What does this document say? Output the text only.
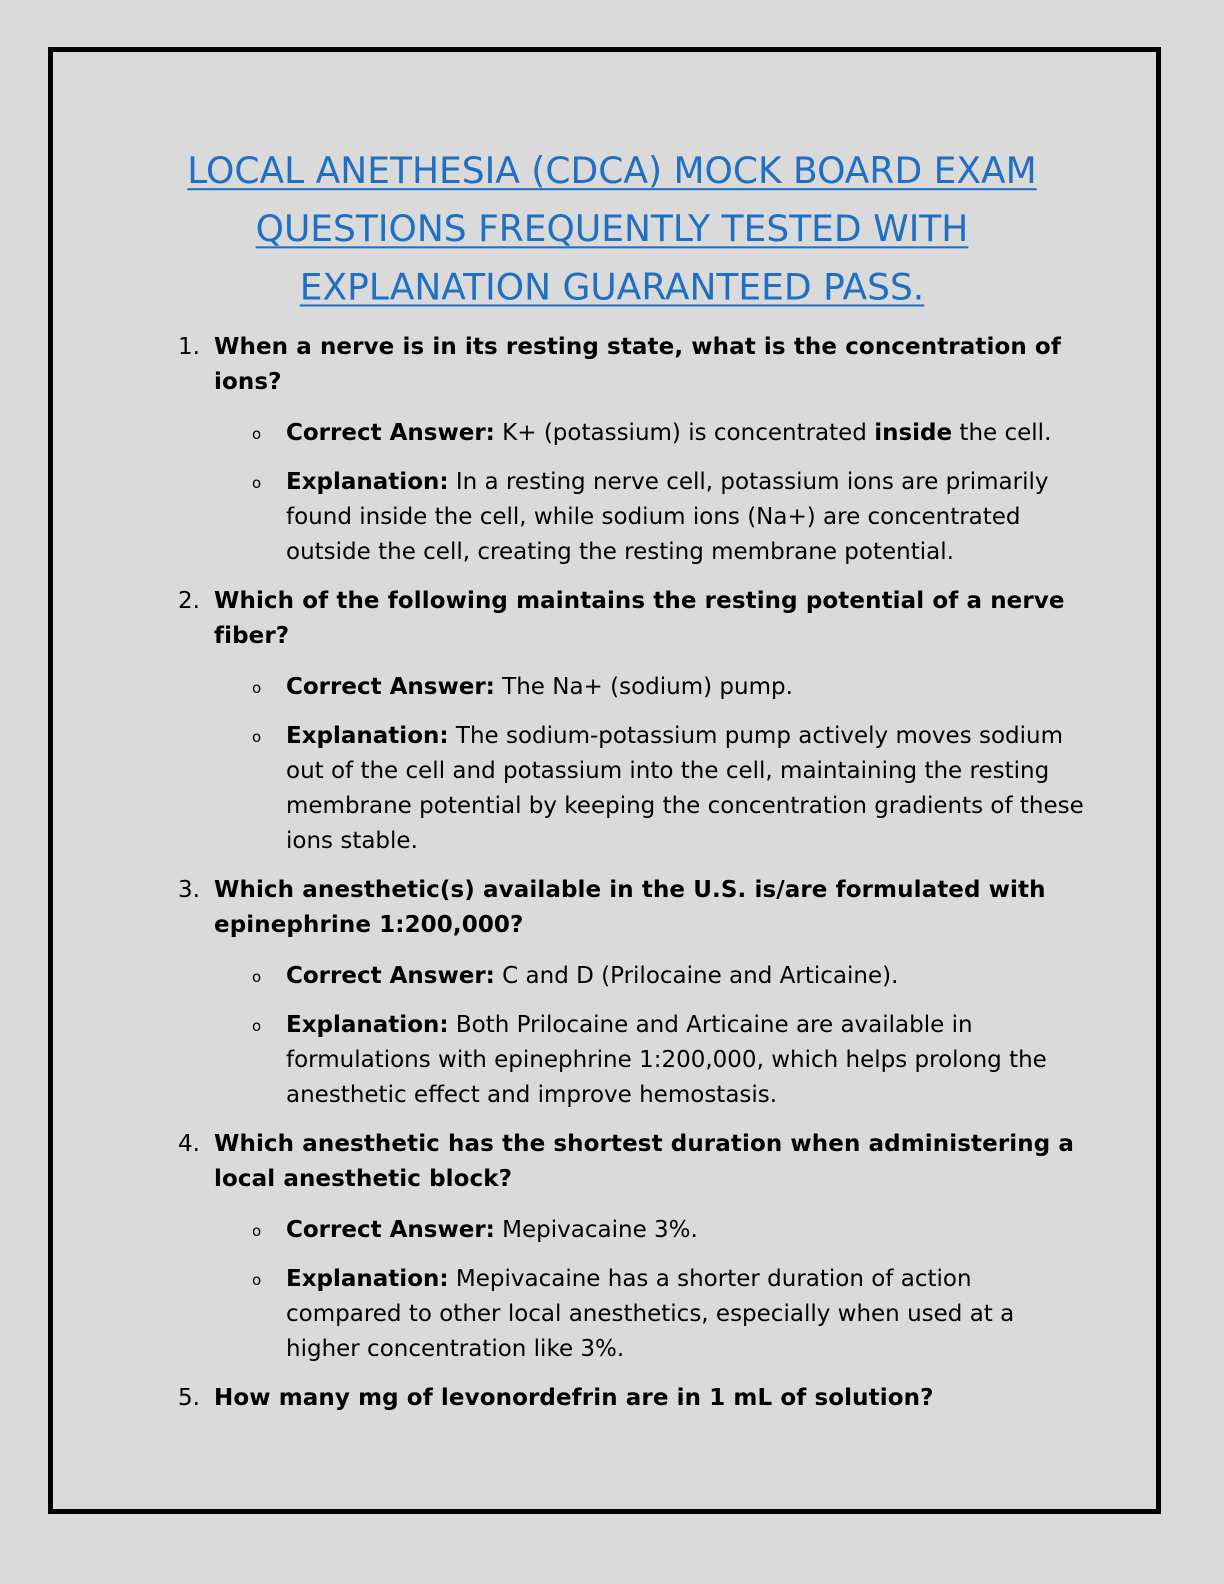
LOCAL ANETHESIA (CDCA) MOCK BOARD EXAM
QUESTIONS FREQUENTLY TESTED WITH
EXPLANATION GUARANTEED PASS.
1. When a nerve is in its resting state, what is the concentration of ions?
o Correct Answer: K+ (potassium) is concentrated inside the cell.
o Explanation: In a resting nerve cell, potassium ions are primarily found inside the cell, while sodium ions (Na+) are concentrated outside the cell, creating the resting membrane potential.
2. Which of the following maintains the resting potential of a nerve fiber?
o Correct Answer: The Na+ (sodium) pump.
o Explanation: The sodium-potassium pump actively moves sodium out of the cell and potassium into the cell, maintaining the resting membrane potential by keeping the concentration gradients of these ions stable.
3. Which anesthetic(s) available in the U.S. is/are formulated with epinephrine 1:200,000?
o Correct Answer: C and D (Prilocaine and Articaine).
o Explanation: Both Prilocaine and Articaine are available in formulations with epinephrine 1:200,000, which helps prolong the anesthetic effect and improve hemostasis.
4. Which anesthetic has the shortest duration when administering a local anesthetic block?
o Correct Answer: Mepivacaine 3%.
o Explanation: Mepivacaine has a shorter duration of action compared to other local anesthetics, especially when used at a higher concentration like 3%.
5. How many mg of levonordefrin are in 1 mL of solution?
